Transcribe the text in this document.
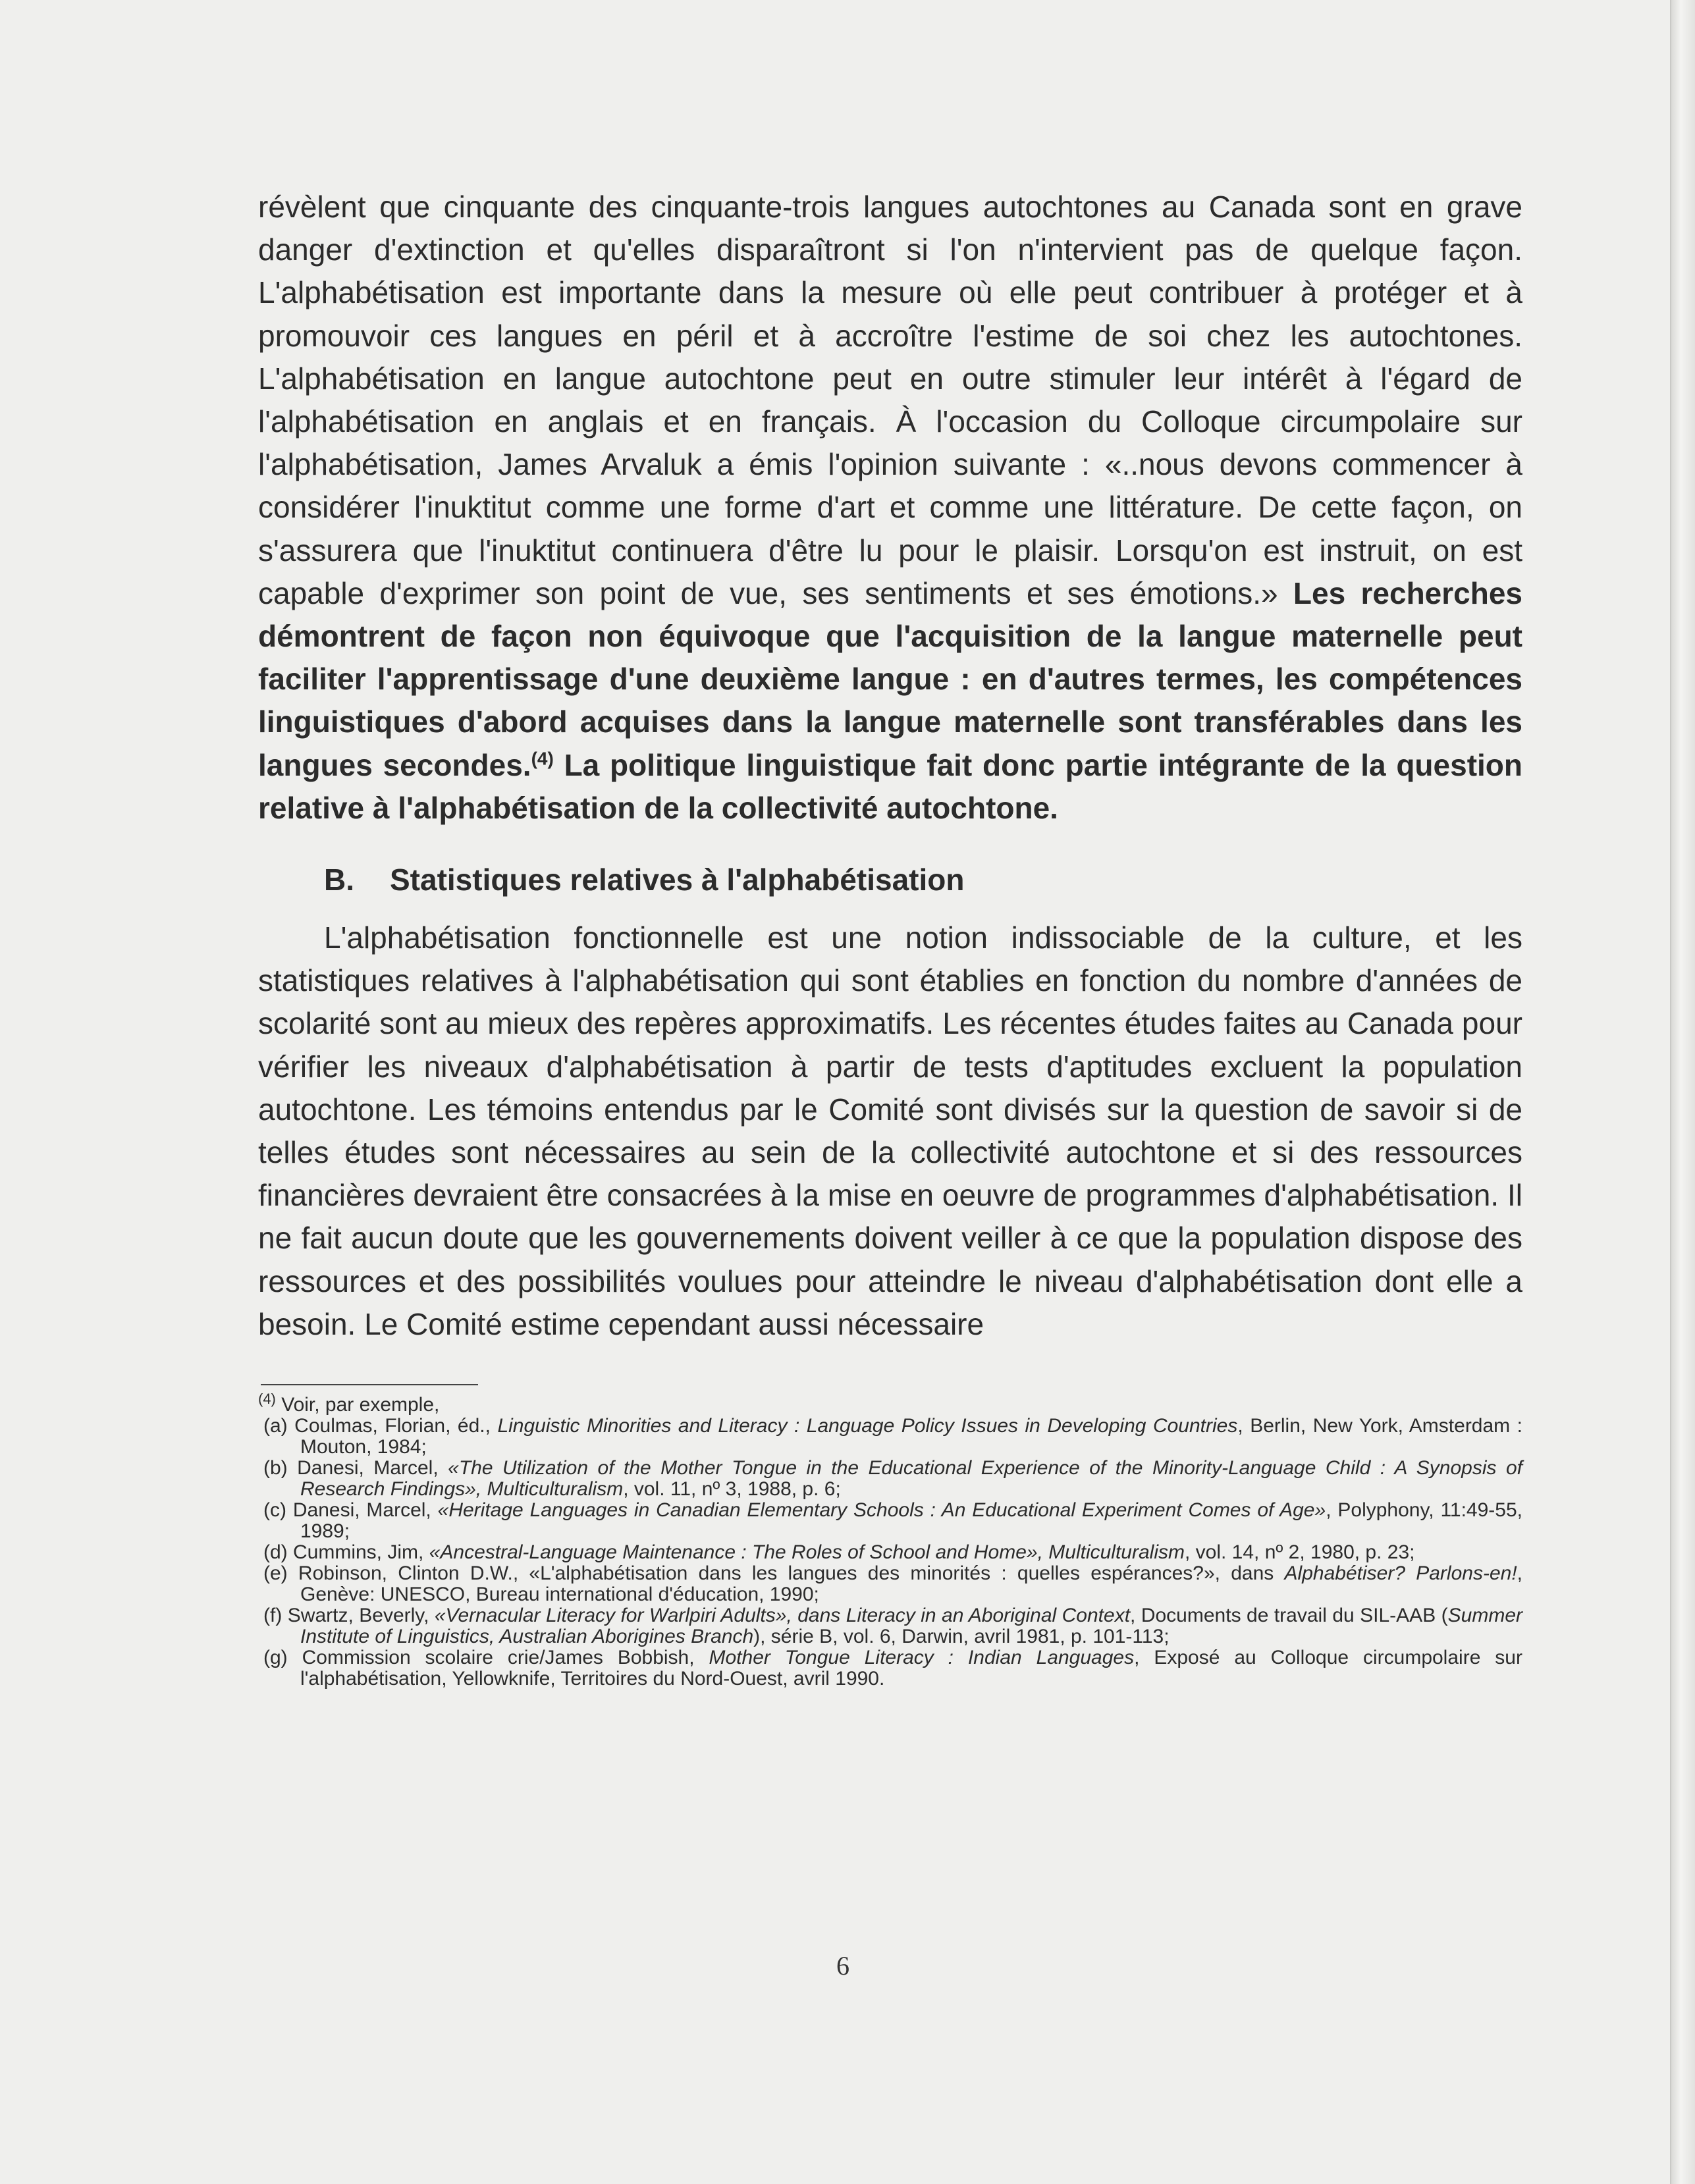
révèlent que cinquante des cinquante-trois langues autochtones au Canada sont en grave danger d'extinction et qu'elles disparaîtront si l'on n'intervient pas de quelque façon. L'alphabétisation est importante dans la mesure où elle peut contribuer à protéger et à promouvoir ces langues en péril et à accroître l'estime de soi chez les autochtones. L'alphabétisation en langue autochtone peut en outre stimuler leur intérêt à l'égard de l'alphabétisation en anglais et en français. À l'occasion du Colloque circumpolaire sur l'alphabétisation, James Arvaluk a émis l'opinion suivante : «..nous devons commencer à considérer l'inuktitut comme une forme d'art et comme une littérature. De cette façon, on s'assurera que l'inuktitut continuera d'être lu pour le plaisir. Lorsqu'on est instruit, on est capable d'exprimer son point de vue, ses sentiments et ses émotions.» Les recherches démontrent de façon non équivoque que l'acquisition de la langue maternelle peut faciliter l'apprentissage d'une deuxième langue : en d'autres termes, les compétences linguistiques d'abord acquises dans la langue maternelle sont transférables dans les langues secondes.$^{(4)}$ La politique linguistique fait donc partie intégrante de la question relative à l'alphabétisation de la collectivité autochtone.

B. Statistiques relatives à l'alphabétisation

L'alphabétisation fonctionnelle est une notion indissociable de la culture, et les statistiques relatives à l'alphabétisation qui sont établies en fonction du nombre d'années de scolarité sont au mieux des repères approximatifs. Les récentes études faites au Canada pour vérifier les niveaux d'alphabétisation à partir de tests d'aptitudes excluent la population autochtone. Les témoins entendus par le Comité sont divisés sur la question de savoir si de telles études sont nécessaires au sein de la collectivité autochtone et si des ressources financières devraient être consacrées à la mise en oeuvre de programmes d'alphabétisation. Il ne fait aucun doute que les gouvernements doivent veiller à ce que la population dispose des ressources et des possibilités voulues pour atteindre le niveau d'alphabétisation dont elle a besoin. Le Comité estime cependant aussi nécessaire

$^{(4)}$ Voir, par exemple,

(a) Coulmas, Florian, éd., Linguistic Minorities and Literacy : Language Policy Issues in Developing Countries, Berlin, New York, Amsterdam : Mouton, 1984;

(b) Danesi, Marcel, «The Utilization of the Mother Tongue in the Educational Experience of the Minority-Language Child : A Synopsis of Research Findings», Multiculturalism, vol. 11, nº 3, 1988, p. 6;

(c) Danesi, Marcel, «Heritage Languages in Canadian Elementary Schools : An Educational Experiment Comes of Age», Polyphony, 11:49-55, 1989;

(d) Cummins, Jim, «Ancestral-Language Maintenance : The Roles of School and Home», Multiculturalism, vol. 14, nº 2, 1980, p. 23;

(e) Robinson, Clinton D.W., «L'alphabétisation dans les langues des minorités : quelles espérances?», dans Alphabétiser? Parlons-en!, Genève: UNESCO, Bureau international d'éducation, 1990;

(f) Swartz, Beverly, «Vernacular Literacy for Warlpiri Adults», dans Literacy in an Aboriginal Context, Documents de travail du SIL-AAB (Summer Institute of Linguistics, Australian Aborigines Branch), série B, vol. 6, Darwin, avril 1981, p. 101-113;

(g) Commission scolaire crie/James Bobbish, Mother Tongue Literacy : Indian Languages, Exposé au Colloque circumpolaire sur l'alphabétisation, Yellowknife, Territoires du Nord-Ouest, avril 1990.

6
